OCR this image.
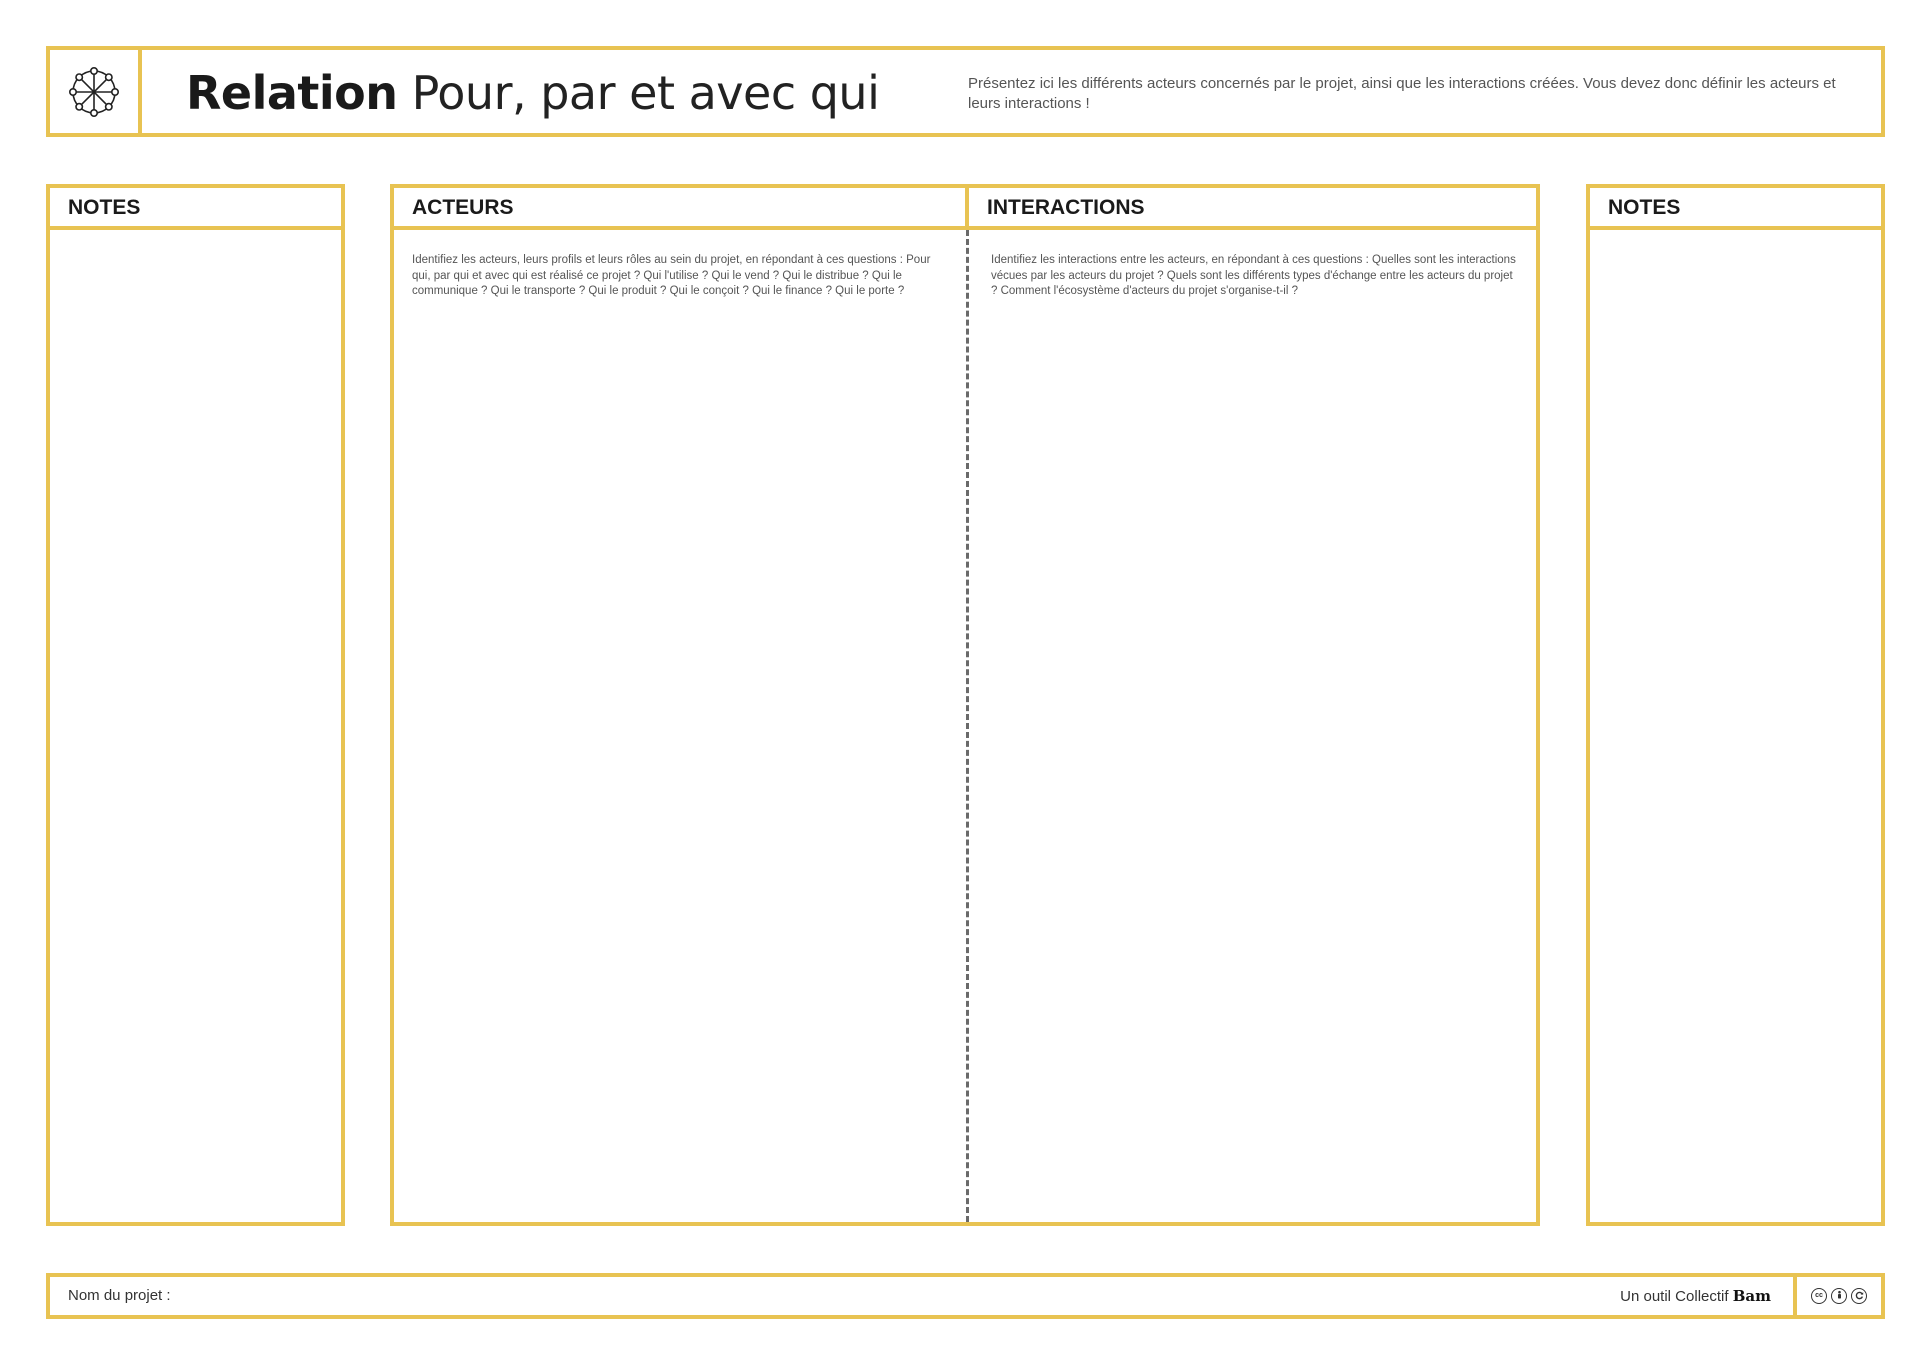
Relation Pour, par et avec qui	Présentez ici les différents acteurs concernés par le projet, ainsi que les interactions créées. Vous devez donc définir les acteurs et leurs interactions !
NOTES	ACTEURS
Identifiez les acteurs, leurs profils et leurs rôles au sein du projet, en répondant à ces questions : Pour qui, par qui et avec qui est réalisé ce projet ? Qui l'utilise ? Qui le vend ? Qui le distribue ? Qui le communique ? Qui le transporte ? Qui le produit ? Qui le conçoit ? Qui le finance ? Qui le porte ?
INTERACTIONS
Identifiez les interactions entre les acteurs, en répondant à ces questions : Quelles sont les interactions vécues par les acteurs du projet ? Quels sont les différents types d'échange entre les acteurs du projet ? Comment l'écosystème d'acteurs du projet s'organise-t-il ?
NOTES
Nom du projet :	Un outil Collectif Bam	cc
